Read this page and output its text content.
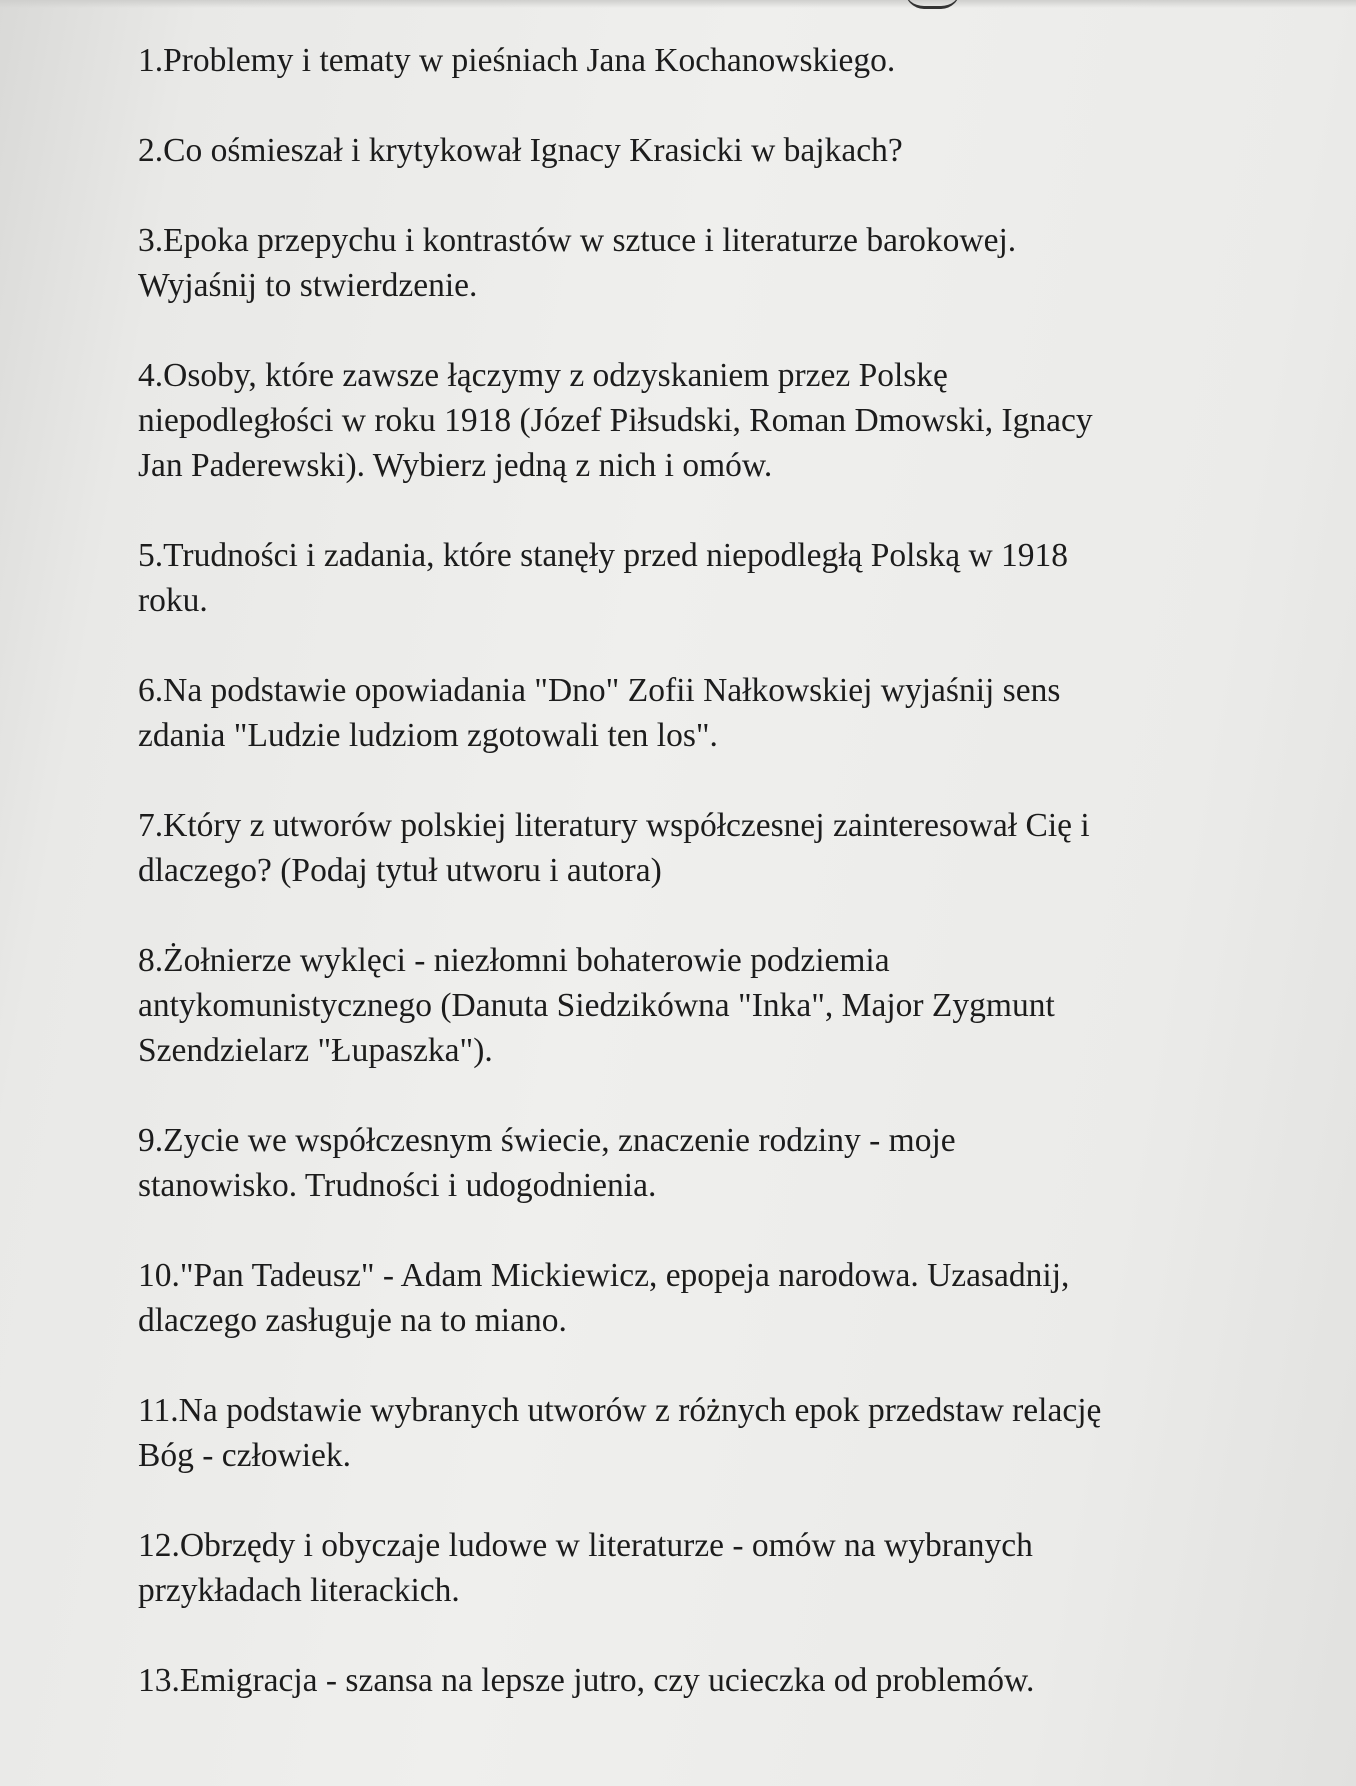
1.Problemy i tematy w pieśniach Jana Kochanowskiego.
2.Co ośmieszał i krytykował Ignacy Krasicki w bajkach?
3.Epoka przepychu i kontrastów w sztuce i literaturze barokowej.
Wyjaśnij to stwierdzenie.
4.Osoby, które zawsze łączymy z odzyskaniem przez Polskę
niepodległości w roku 1918 (Józef Piłsudski, Roman Dmowski, Ignacy
Jan Paderewski). Wybierz jedną z nich i omów.
5.Trudności i zadania, które stanęły przed niepodległą Polską w 1918
roku.
6.Na podstawie opowiadania "Dno" Zofii Nałkowskiej wyjaśnij sens
zdania "Ludzie ludziom zgotowali ten los".
7.Który z utworów polskiej literatury współczesnej zainteresował Cię i
dlaczego? (Podaj tytuł utworu i autora)
8.Żołnierze wyklęci - niezłomni bohaterowie podziemia
antykomunistycznego (Danuta Siedzikówna "Inka", Major Zygmunt
Szendzielarz "Łupaszka").
9.Zycie we współczesnym świecie, znaczenie rodziny - moje
stanowisko. Trudności i udogodnienia.
10."Pan Tadeusz" - Adam Mickiewicz, epopeja narodowa. Uzasadnij,
dlaczego zasługuje na to miano.
11.Na podstawie wybranych utworów z różnych epok przedstaw relację
Bóg - człowiek.
12.Obrzędy i obyczaje ludowe w literaturze - omów na wybranych
przykładach literackich.
13.Emigracja - szansa na lepsze jutro, czy ucieczka od problemów.
